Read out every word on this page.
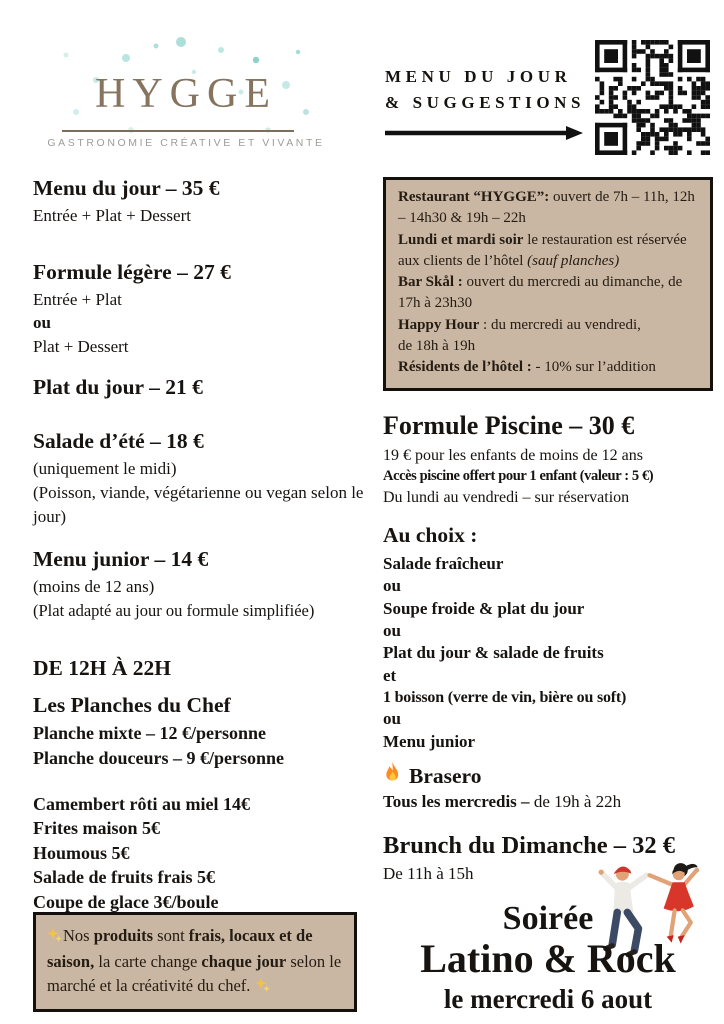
HYGGE
GASTRONOMIE CRÉATIVE ET VIVANTE
MENU DU JOUR
& SUGGESTIONS
Menu du jour – 35 €
Entrée + Plat + Dessert
Formule légère – 27 €
Entrée + Plat
ou
Plat + Dessert
Plat du jour – 21 €
Salade d’été – 18 €
(uniquement le midi)
(Poisson, viande, végétarienne ou vegan selon le jour)
Menu junior – 14 €
(moins de 12 ans)
(Plat adapté au jour ou formule simplifiée)
DE 12H À 22H
Les Planches du Chef
Planche mixte – 12 €/personne
Planche douceurs – 9 €/personne
Camembert rôti au miel 14€
Frites maison 5€
Houmous 5€
Salade de fruits frais 5€
Coupe de glace 3€/boule
Nos produits sont frais, locaux et de saison, la carte change chaque jour selon le marché et la créativité du chef.
Restaurant “HYGGE”: ouvert de 7h – 11h, 12h – 14h30 & 19h – 22h
Lundi et mardi soir le restauration est réservée aux clients de l’hôtel (sauf planches)
Bar Skål : ouvert du mercredi au dimanche, de 17h à 23h30
Happy Hour : du mercredi au vendredi,
de 18h à 19h
Résidents de l’hôtel : - 10% sur l’addition
Formule Piscine – 30 €
19 € pour les enfants de moins de 12 ans
Accès piscine offert pour 1 enfant (valeur : 5 €)
Du lundi au vendredi – sur réservation
Au choix :
Salade fraîcheur
ou
Soupe froide & plat du jour
ou
Plat du jour & salade de fruits
et
1 boisson (verre de vin, bière ou soft)
ou
Menu junior
Brasero
Tous les mercredis – de 19h à 22h
Brunch du Dimanche – 32 €
De 11h à 15h
Soirée
Latino & Rock
le mercredi 6 aout
